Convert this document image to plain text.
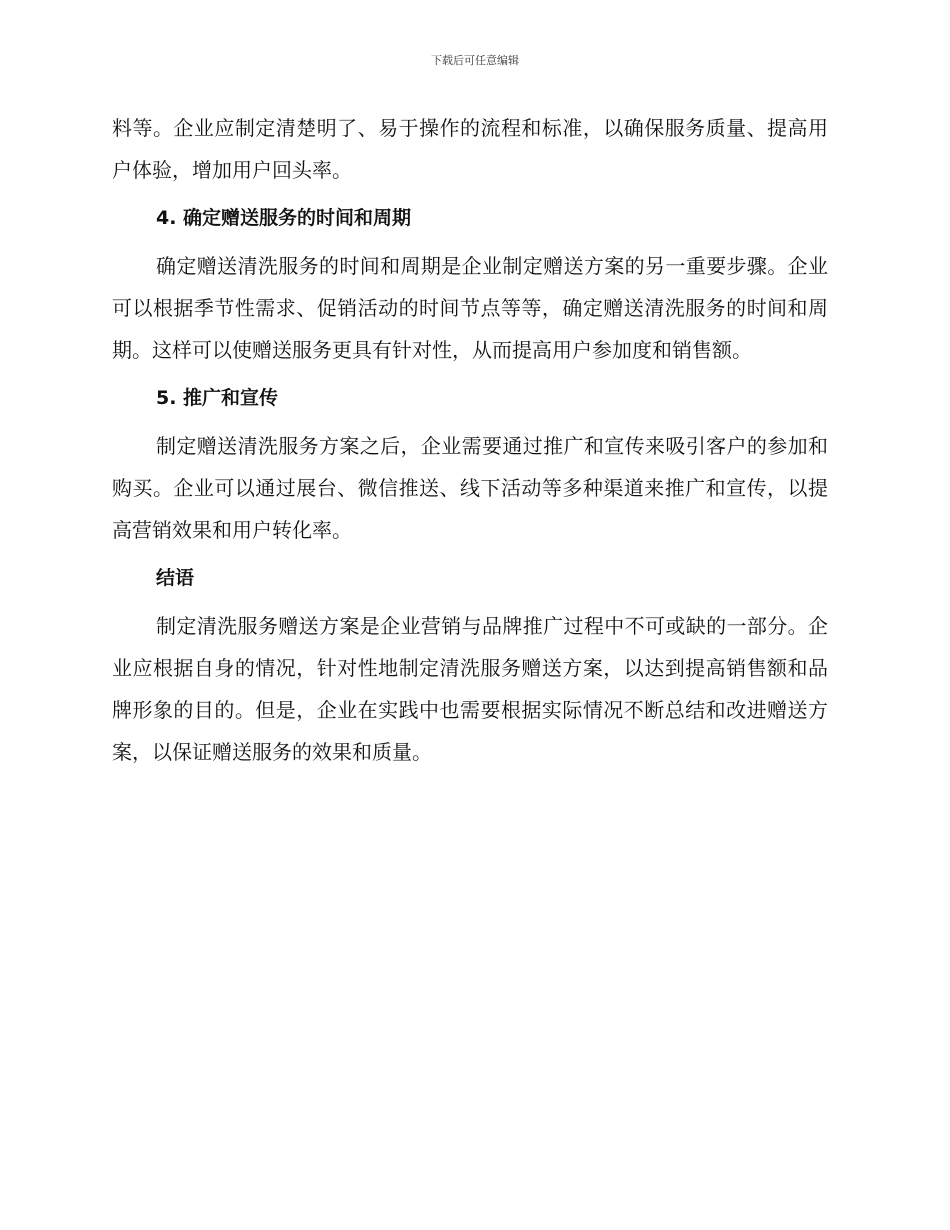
下载后可任意编辑

料等。企业应制定清楚明了、易于操作的流程和标准，以确保服务质量、提高用户体验，增加用户回头率。

4. 确定赠送服务的时间和周期

确定赠送清洗服务的时间和周期是企业制定赠送方案的另一重要步骤。企业可以根据季节性需求、促销活动的时间节点等等，确定赠送清洗服务的时间和周期。这样可以使赠送服务更具有针对性，从而提高用户参加度和销售额。

5. 推广和宣传

制定赠送清洗服务方案之后，企业需要通过推广和宣传来吸引客户的参加和购买。企业可以通过展台、微信推送、线下活动等多种渠道来推广和宣传，以提高营销效果和用户转化率。

结语

制定清洗服务赠送方案是企业营销与品牌推广过程中不可或缺的一部分。企业应根据自身的情况，针对性地制定清洗服务赠送方案，以达到提高销售额和品牌形象的目的。但是，企业在实践中也需要根据实际情况不断总结和改进赠送方案，以保证赠送服务的效果和质量。
